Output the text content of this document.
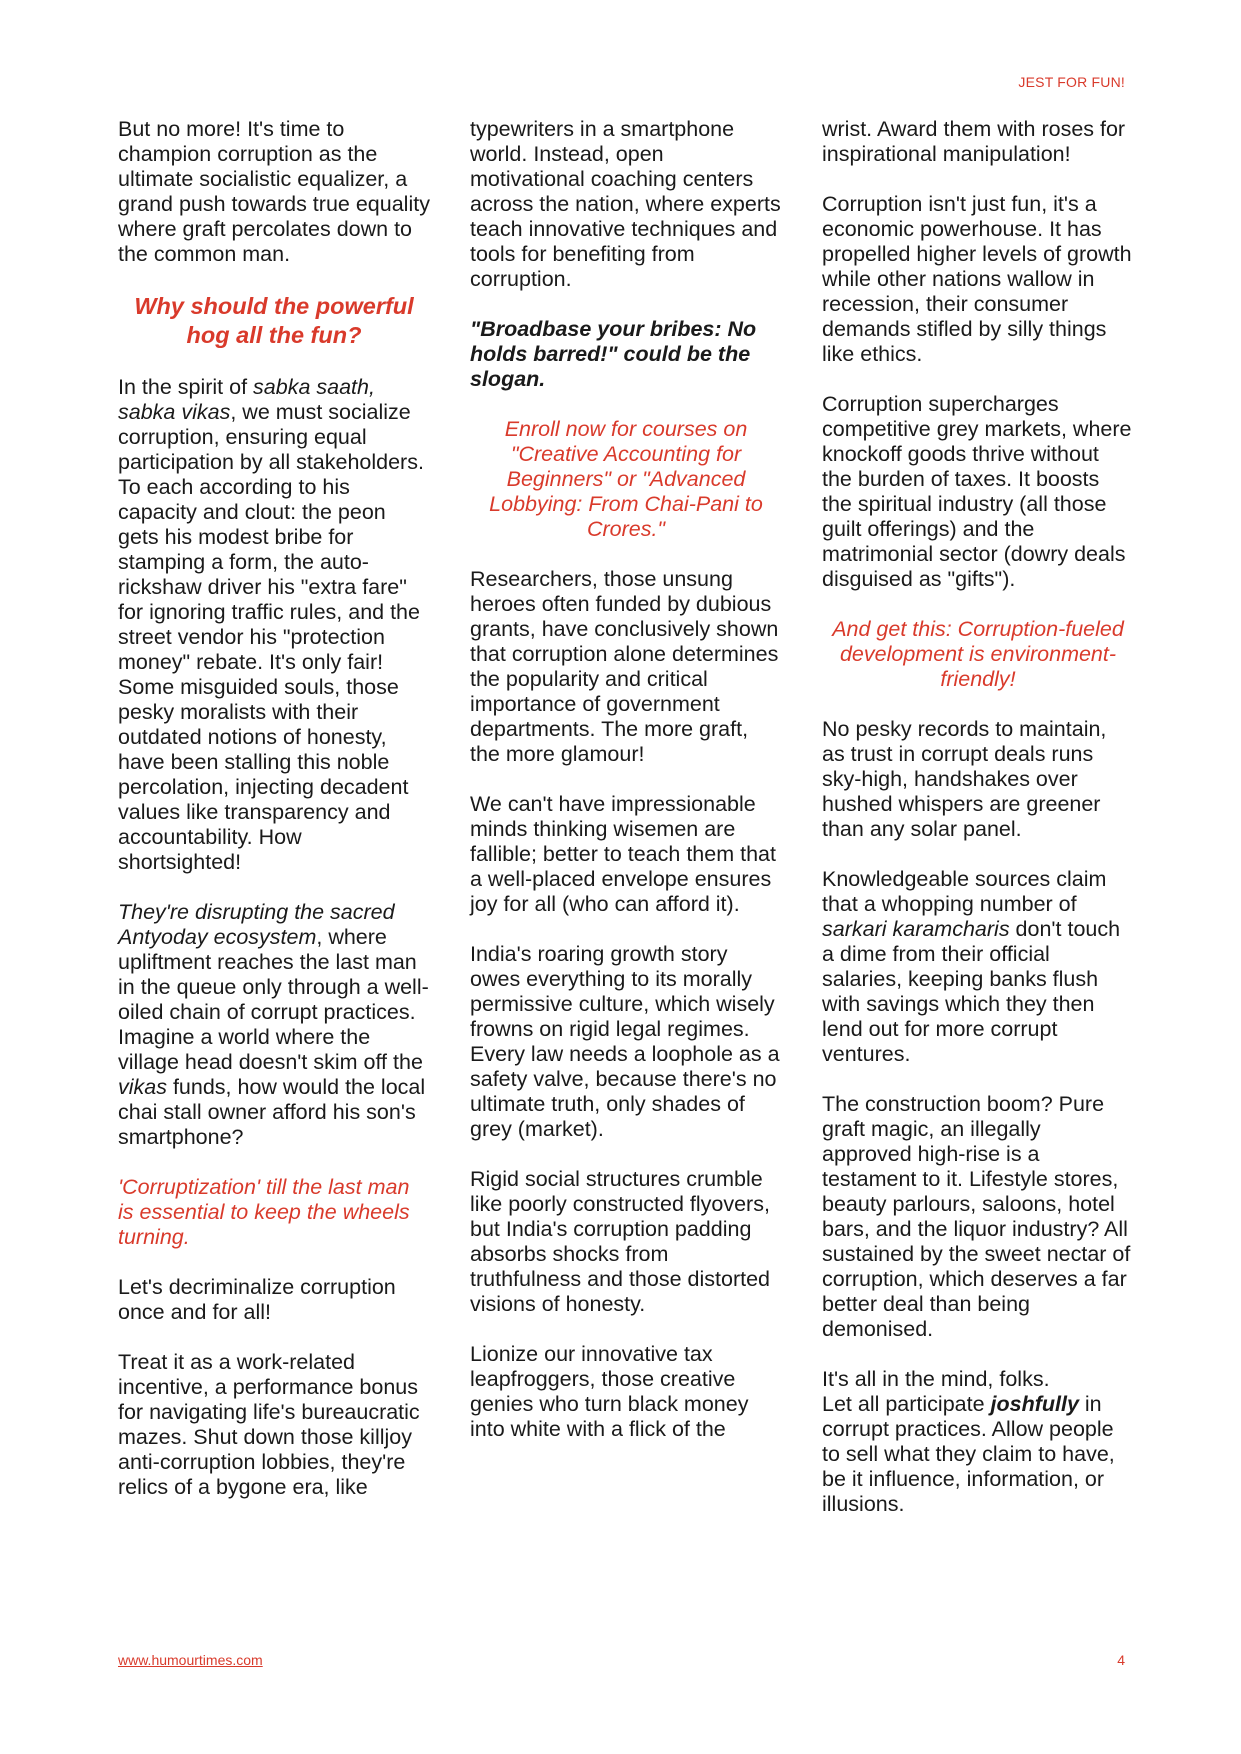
JEST FOR FUN!

But no more! It's time to champion corruption as the ultimate socialistic equalizer, a grand push towards true equality where graft percolates down to the common man.

Why should the powerful hog all the fun?

In the spirit of sabka saath, sabka vikas, we must socialize corruption, ensuring equal participation by all stakeholders. To each according to his capacity and clout: the peon gets his modest bribe for stamping a form, the auto-rickshaw driver his "extra fare" for ignoring traffic rules, and the street vendor his "protection money" rebate. It's only fair! Some misguided souls, those pesky moralists with their outdated notions of honesty, have been stalling this noble percolation, injecting decadent values like transparency and accountability. How shortsighted!

They're disrupting the sacred Antyoday ecosystem, where upliftment reaches the last man in the queue only through a well-oiled chain of corrupt practices. Imagine a world where the village head doesn't skim off the vikas funds, how would the local chai stall owner afford his son's smartphone?

'Corruptization' till the last man is essential to keep the wheels turning.

Let's decriminalize corruption once and for all!

Treat it as a work-related incentive, a performance bonus for navigating life's bureaucratic mazes. Shut down those killjoy anti-corruption lobbies, they're relics of a bygone era, like

typewriters in a smartphone world. Instead, open motivational coaching centers across the nation, where experts teach innovative techniques and tools for benefiting from corruption.

"Broadbase your bribes: No holds barred!" could be the slogan.

Enroll now for courses on "Creative Accounting for Beginners" or "Advanced Lobbying: From Chai-Pani to Crores."

Researchers, those unsung heroes often funded by dubious grants, have conclusively shown that corruption alone determines the popularity and critical importance of government departments. The more graft, the more glamour!

We can't have impressionable minds thinking wisemen are fallible; better to teach them that a well-placed envelope ensures joy for all (who can afford it).

India's roaring growth story owes everything to its morally permissive culture, which wisely frowns on rigid legal regimes. Every law needs a loophole as a safety valve, because there's no ultimate truth, only shades of grey (market).

Rigid social structures crumble like poorly constructed flyovers, but India's corruption padding absorbs shocks from truthfulness and those distorted visions of honesty.

Lionize our innovative tax leapfroggers, those creative genies who turn black money into white with a flick of the

wrist. Award them with roses for inspirational manipulation!

Corruption isn't just fun, it's a economic powerhouse. It has propelled higher levels of growth while other nations wallow in recession, their consumer demands stifled by silly things like ethics.

Corruption supercharges competitive grey markets, where knockoff goods thrive without the burden of taxes. It boosts the spiritual industry (all those guilt offerings) and the matrimonial sector (dowry deals disguised as "gifts").

And get this: Corruption-fueled development is environment-friendly!

No pesky records to maintain, as trust in corrupt deals runs sky-high, handshakes over hushed whispers are greener than any solar panel.

Knowledgeable sources claim that a whopping number of sarkari karamcharis don't touch a dime from their official salaries, keeping banks flush with savings which they then lend out for more corrupt ventures.

The construction boom? Pure graft magic, an illegally approved high-rise is a testament to it. Lifestyle stores, beauty parlours, saloons, hotel bars, and the liquor industry? All sustained by the sweet nectar of corruption, which deserves a far better deal than being demonised.

It's all in the mind, folks.
Let all participate joshfully in corrupt practices. Allow people to sell what they claim to have, be it influence, information, or illusions.

www.humourtimes.com	4
